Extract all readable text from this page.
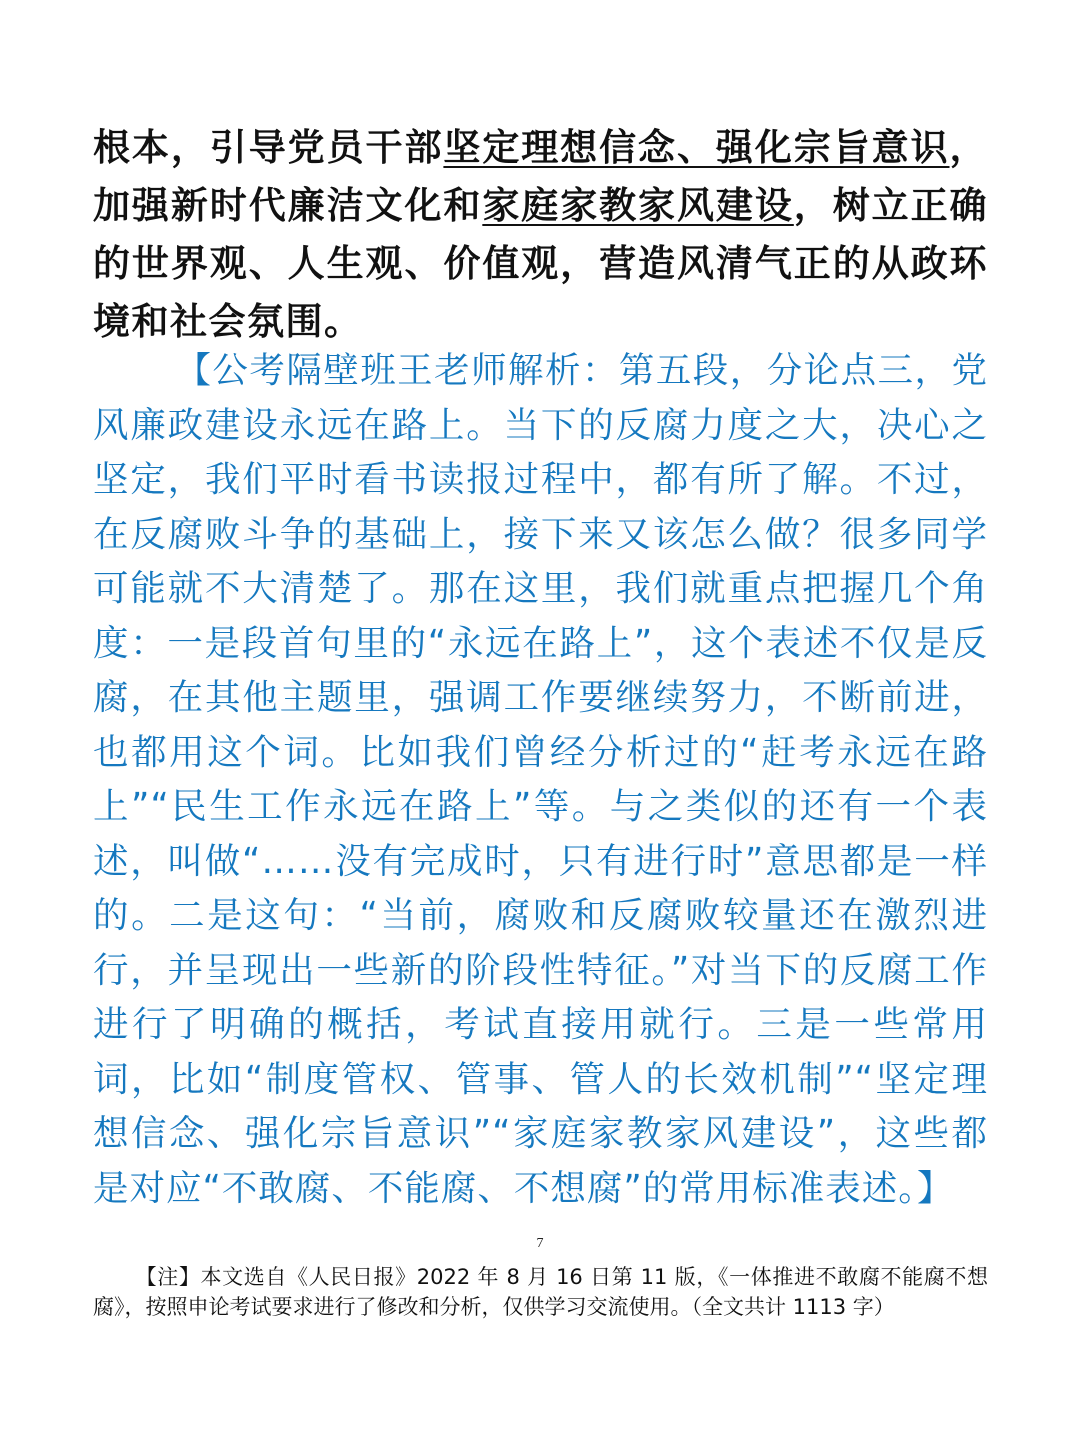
根本，引导党员干部坚定理想信念、强化宗旨意识，加强新时代廉洁文化和家庭家教家风建设，树立正确的世界观、人生观、价值观，营造风清气正的从政环境和社会氛围。

【公考隔壁班王老师解析：第五段，分论点三，党风廉政建设永远在路上。当下的反腐力度之大，决心之坚定，我们平时看书读报过程中，都有所了解。不过，在反腐败斗争的基础上，接下来又该怎么做？很多同学可能就不大清楚了。那在这里，我们就重点把握几个角度：一是段首句里的“永远在路上”，这个表述不仅是反腐，在其他主题里，强调工作要继续努力，不断前进，也都用这个词。比如我们曾经分析过的“赶考永远在路上”“民生工作永远在路上”等。与之类似的还有一个表述，叫做“……没有完成时，只有进行时”意思都是一样的。二是这句：“当前，腐败和反腐败较量还在激烈进行，并呈现出一些新的阶段性特征。”对当下的反腐工作进行了明确的概括，考试直接用就行。三是一些常用词，比如“制度管权、管事、管人的长效机制”“坚定理想信念、强化宗旨意识”“家庭家教家风建设”，这些都是对应“不敢腐、不能腐、不想腐”的常用标准表述。】

7

【注】本文选自《人民日报》2022 年 8 月 16 日第 11 版，《一体推进不敢腐不能腐不想腐》，按照申论考试要求进行了修改和分析，仅供学习交流使用。（全文共计 1113 字）
